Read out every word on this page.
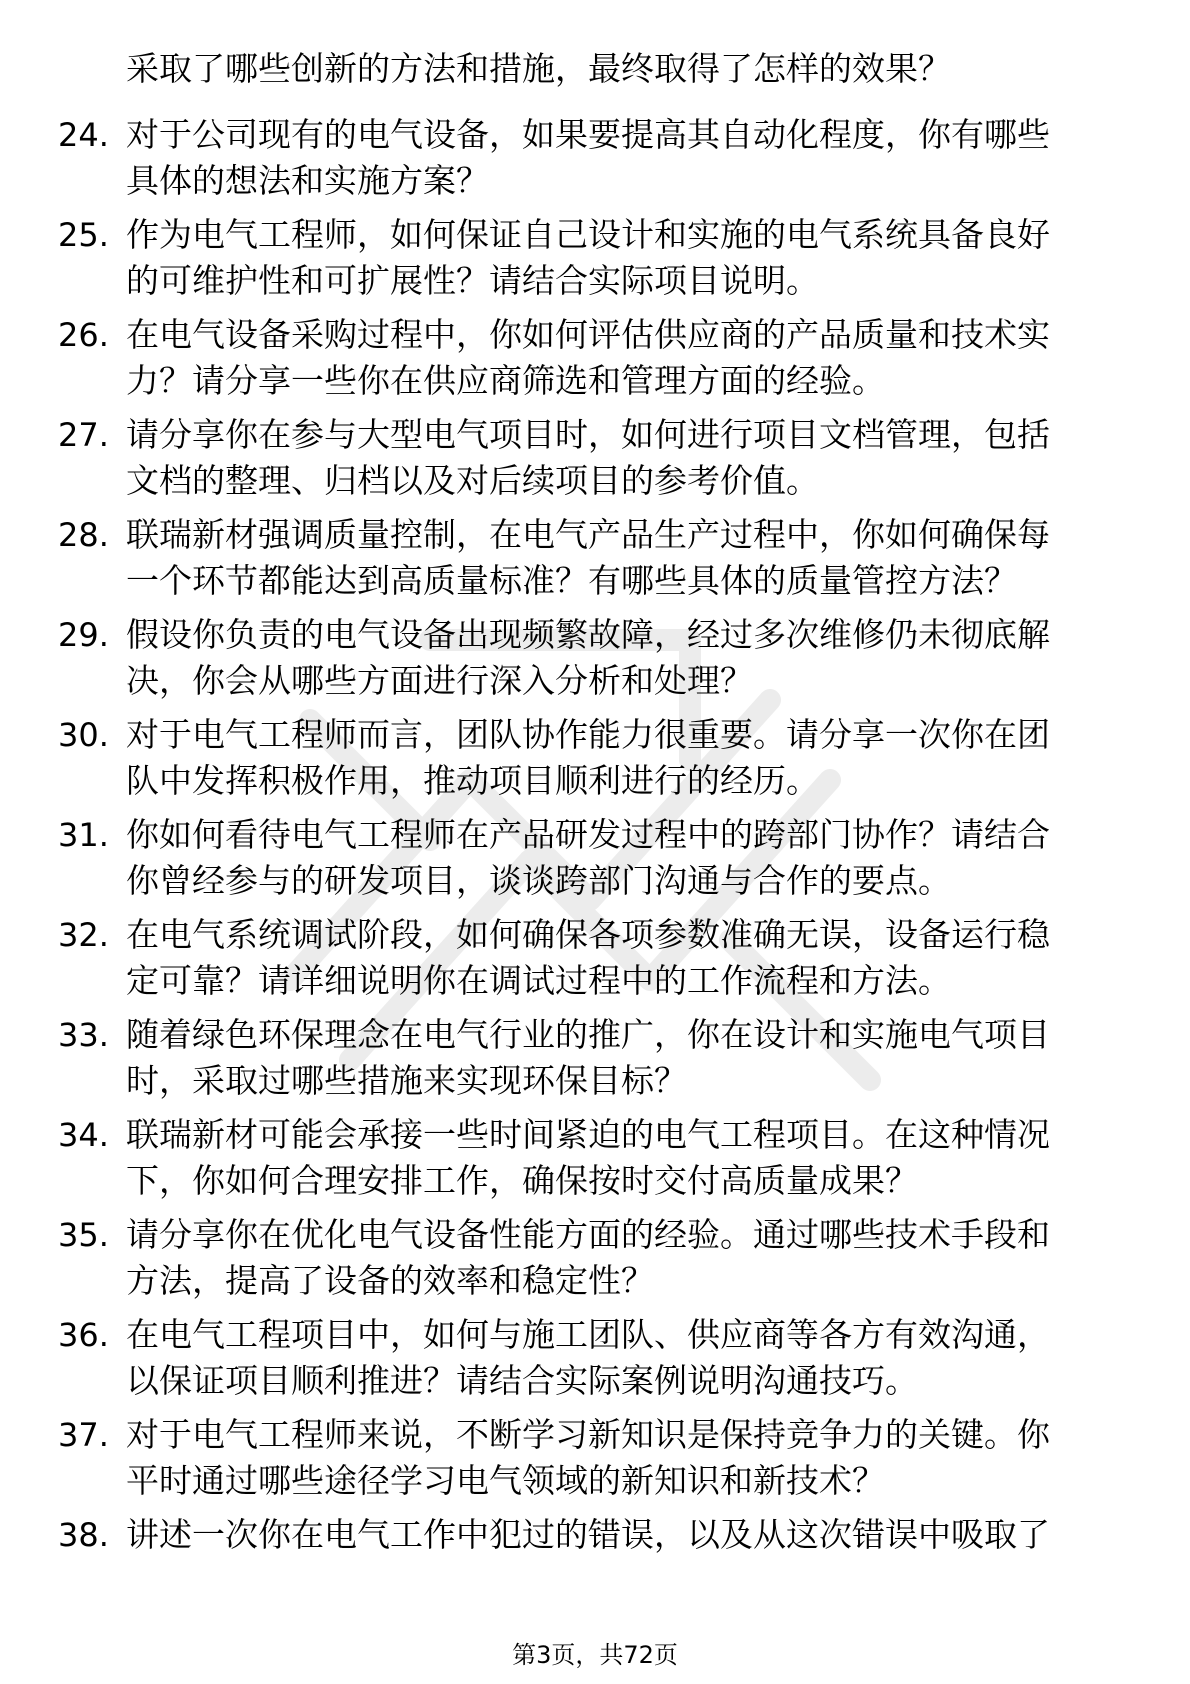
采取了哪些创新的方法和措施，最终取得了怎样的效果？
24. 对于公司现有的电气设备，如果要提高其自动化程度，你有哪些
具体的想法和实施方案？
25. 作为电气工程师，如何保证自己设计和实施的电气系统具备良好
的可维护性和可扩展性？请结合实际项目说明。
26. 在电气设备采购过程中，你如何评估供应商的产品质量和技术实
力？请分享一些你在供应商筛选和管理方面的经验。
27. 请分享你在参与大型电气项目时，如何进行项目文档管理，包括
文档的整理、归档以及对后续项目的参考价值。
28. 联瑞新材强调质量控制，在电气产品生产过程中，你如何确保每
一个环节都能达到高质量标准？有哪些具体的质量管控方法？
29. 假设你负责的电气设备出现频繁故障，经过多次维修仍未彻底解
决，你会从哪些方面进行深入分析和处理？
30. 对于电气工程师而言，团队协作能力很重要。请分享一次你在团
队中发挥积极作用，推动项目顺利进行的经历。
31. 你如何看待电气工程师在产品研发过程中的跨部门协作？请结合
你曾经参与的研发项目，谈谈跨部门沟通与合作的要点。
32. 在电气系统调试阶段，如何确保各项参数准确无误，设备运行稳
定可靠？请详细说明你在调试过程中的工作流程和方法。
33. 随着绿色环保理念在电气行业的推广，你在设计和实施电气项目
时，采取过哪些措施来实现环保目标？
34. 联瑞新材可能会承接一些时间紧迫的电气工程项目。在这种情况
下，你如何合理安排工作，确保按时交付高质量成果？
35. 请分享你在优化电气设备性能方面的经验。通过哪些技术手段和
方法，提高了设备的效率和稳定性？
36. 在电气工程项目中，如何与施工团队、供应商等各方有效沟通，
以保证项目顺利推进？请结合实际案例说明沟通技巧。
37. 对于电气工程师来说，不断学习新知识是保持竞争力的关键。你
平时通过哪些途径学习电气领域的新知识和新技术？
38. 讲述一次你在电气工作中犯过的错误，以及从这次错误中吸取了
第3页，共72页
